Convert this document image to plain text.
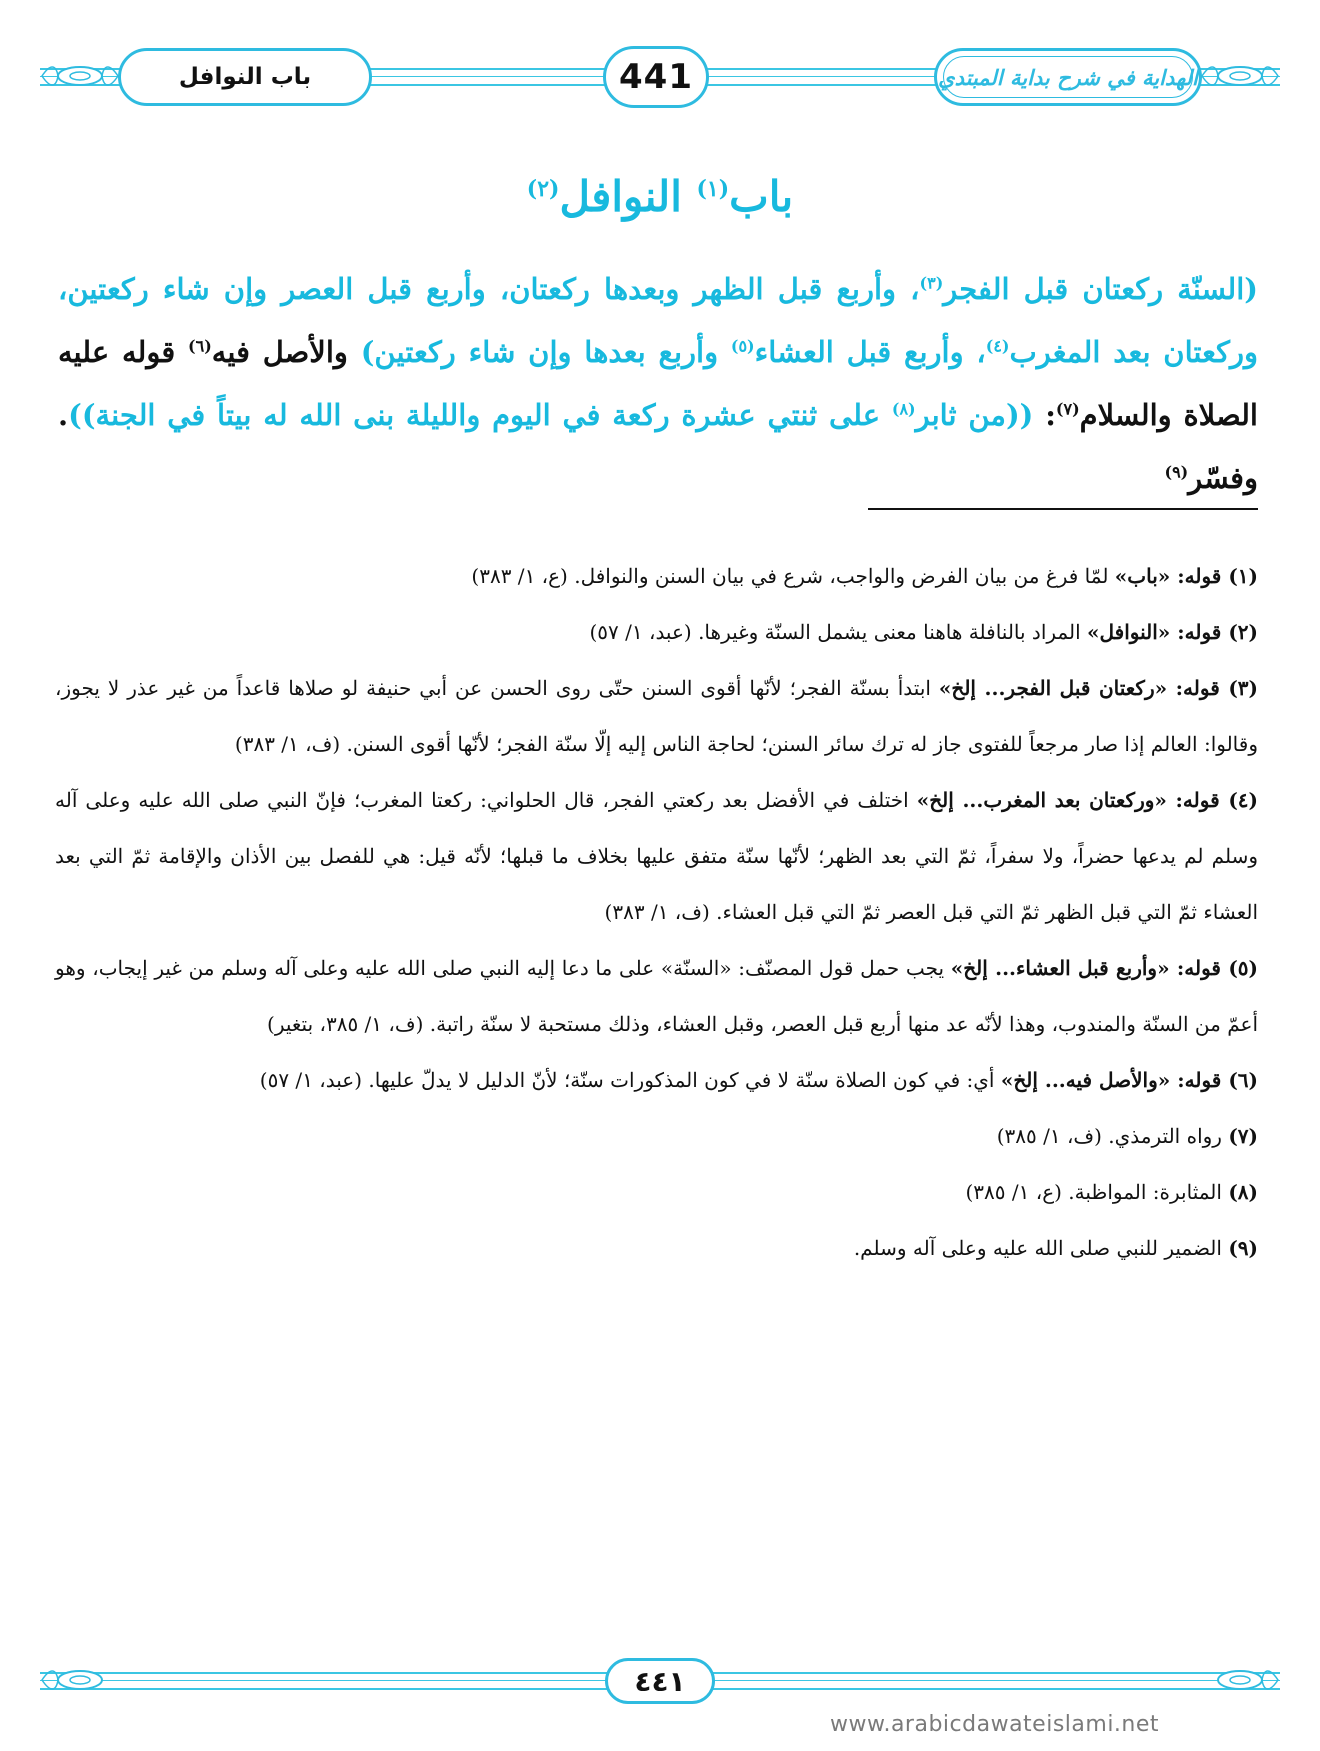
باب النوافل	441	الهداية في شرح بداية المبتدي
باب$^{(١)}$ النوافل$^{(٢)}$
(السنّة ركعتان قبل الفجر$^{(٣)}$، وأربع قبل الظهر وبعدها ركعتان، وأربع قبل العصر وإن شاء ركعتين، وركعتان بعد المغرب$^{(٤)}$، وأربع قبل العشاء$^{(٥)}$ وأربع بعدها وإن شاء ركعتين) والأصل فيه$^{(٦)}$ قوله عليه الصلاة والسلام$^{(٧)}$: ((من ثابر$^{(٨)}$ على ثنتي عشرة ركعة في اليوم والليلة بنى الله له بيتاً في الجنة)). وفسّر$^{(٩)}$

(١) قوله: «باب» لمّا فرغ من بيان الفرض والواجب، شرع في بيان السنن والنوافل. (ع، ١/ ٣٨٣)

(٢) قوله: «النوافل» المراد بالنافلة هاهنا معنى يشمل السنّة وغيرها. (عبد، ١/ ٥٧)

(٣) قوله: «ركعتان قبل الفجر... إلخ» ابتدأ بسنّة الفجر؛ لأنّها أقوى السنن حتّى روى الحسن عن أبي حنيفة لو صلاها قاعداً من غير عذر لا يجوز، وقالوا: العالم إذا صار مرجعاً للفتوى جاز له ترك سائر السنن؛ لحاجة الناس إليه إلّا سنّة الفجر؛ لأنّها أقوى السنن. (ف، ١/ ٣٨٣)

(٤) قوله: «وركعتان بعد المغرب... إلخ» اختلف في الأفضل بعد ركعتي الفجر، قال الحلواني: ركعتا المغرب؛ فإنّ النبي صلى الله عليه وعلى آله وسلم لم يدعها حضراً، ولا سفراً، ثمّ التي بعد الظهر؛ لأنّها سنّة متفق عليها بخلاف ما قبلها؛ لأنّه قيل: هي للفصل بين الأذان والإقامة ثمّ التي بعد العشاء ثمّ التي قبل الظهر ثمّ التي قبل العصر ثمّ التي قبل العشاء. (ف، ١/ ٣٨٣)

(٥) قوله: «وأربع قبل العشاء... إلخ» يجب حمل قول المصنّف: «السنّة» على ما دعا إليه النبي صلى الله عليه وعلى آله وسلم من غير إيجاب، وهو أعمّ من السنّة والمندوب، وهذا لأنّه عد منها أربع قبل العصر، وقبل العشاء، وذلك مستحبة لا سنّة راتبة. (ف، ١/ ٣٨٥، بتغير)

(٦) قوله: «والأصل فيه... إلخ» أي: في كون الصلاة سنّة لا في كون المذكورات سنّة؛ لأنّ الدليل لا يدلّ عليها. (عبد، ١/ ٥٧)

(٧) رواه الترمذي. (ف، ١/ ٣٨٥)

(٨) المثابرة: المواظبة. (ع، ١/ ٣٨٥)

(٩) الضمير للنبي صلى الله عليه وعلى آله وسلم.

٤٤١
www.arabicdawateislami.net
